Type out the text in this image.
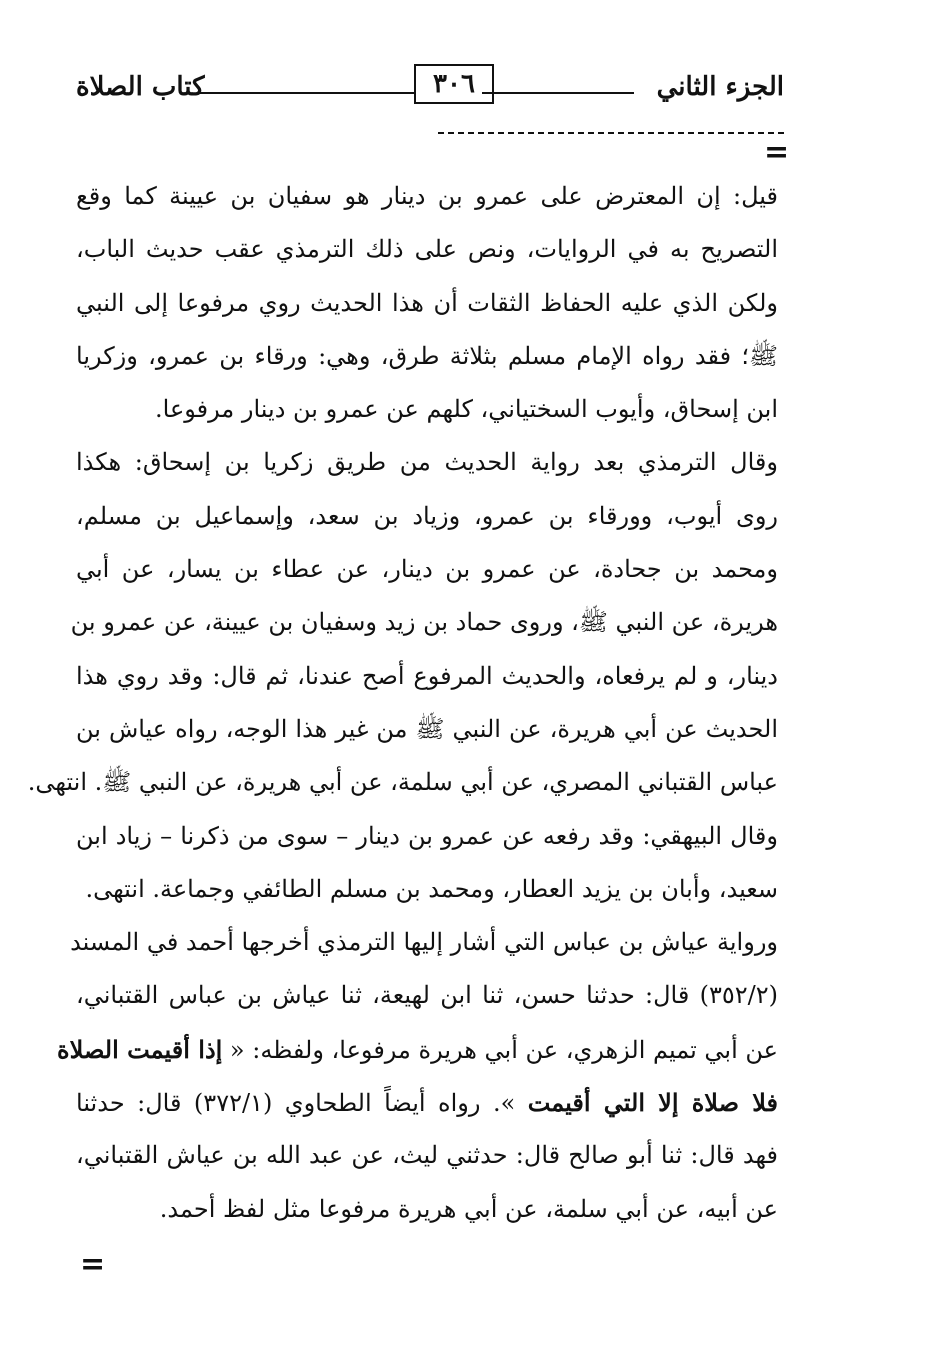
الجزء الثاني
٣٠٦
كتاب الصلاة
=
قيل: إن المعترض على عمرو بن دينار هو سفيان بن عيينة كما وقع
التصريح به في الروايات، ونص على ذلك الترمذي عقب حديث الباب،
ولكن الذي عليه الحفاظ الثقات أن هذا الحديث روي مرفوعا إلى النبي
ﷺ؛ فقد رواه الإمام مسلم بثلاثة طرق، وهي: ورقاء بن عمرو، وزكريا
ابن إسحاق، وأيوب السختياني، كلهم عن عمرو بن دينار مرفوعا.
وقال الترمذي بعد رواية الحديث من طريق زكريا بن إسحاق: هكذا
روى أيوب، وورقاء بن عمرو، وزياد بن سعد، وإسماعيل بن مسلم،
ومحمد بن جحادة، عن عمرو بن دينار، عن عطاء بن يسار، عن أبي
هريرة، عن النبي ﷺ، وروى حماد بن زيد وسفيان بن عيينة، عن عمرو بن
دينار، و لم يرفعاه، والحديث المرفوع أصح عندنا، ثم قال: وقد روي هذا
الحديث عن أبي هريرة، عن النبي ﷺ من غير هذا الوجه، رواه عياش بن
عباس القتباني المصري، عن أبي سلمة، عن أبي هريرة، عن النبي ﷺ. انتهى.
وقال البيهقي: وقد رفعه عن عمرو بن دينار – سوى من ذكرنا – زياد ابن
سعيد، وأبان بن يزيد العطار، ومحمد بن مسلم الطائفي وجماعة. انتهى.
ورواية عياش بن عباس التي أشار إليها الترمذي أخرجها أحمد في المسند
(٣٥٢/٢) قال: حدثنا حسن، ثنا ابن لهيعة، ثنا عياش بن عباس القتباني،
عن أبي تميم الزهري، عن أبي هريرة مرفوعا، ولفظه: « إذا أقيمت الصلاة
فلا صلاة إلا التي أقيمت ». رواه أيضاً الطحاوي (٣٧٢/١) قال: حدثنا
فهد قال: ثنا أبو صالح قال: حدثني ليث، عن عبد الله بن عياش القتباني،
عن أبيه، عن أبي سلمة، عن أبي هريرة مرفوعا مثل لفظ أحمد.
=
